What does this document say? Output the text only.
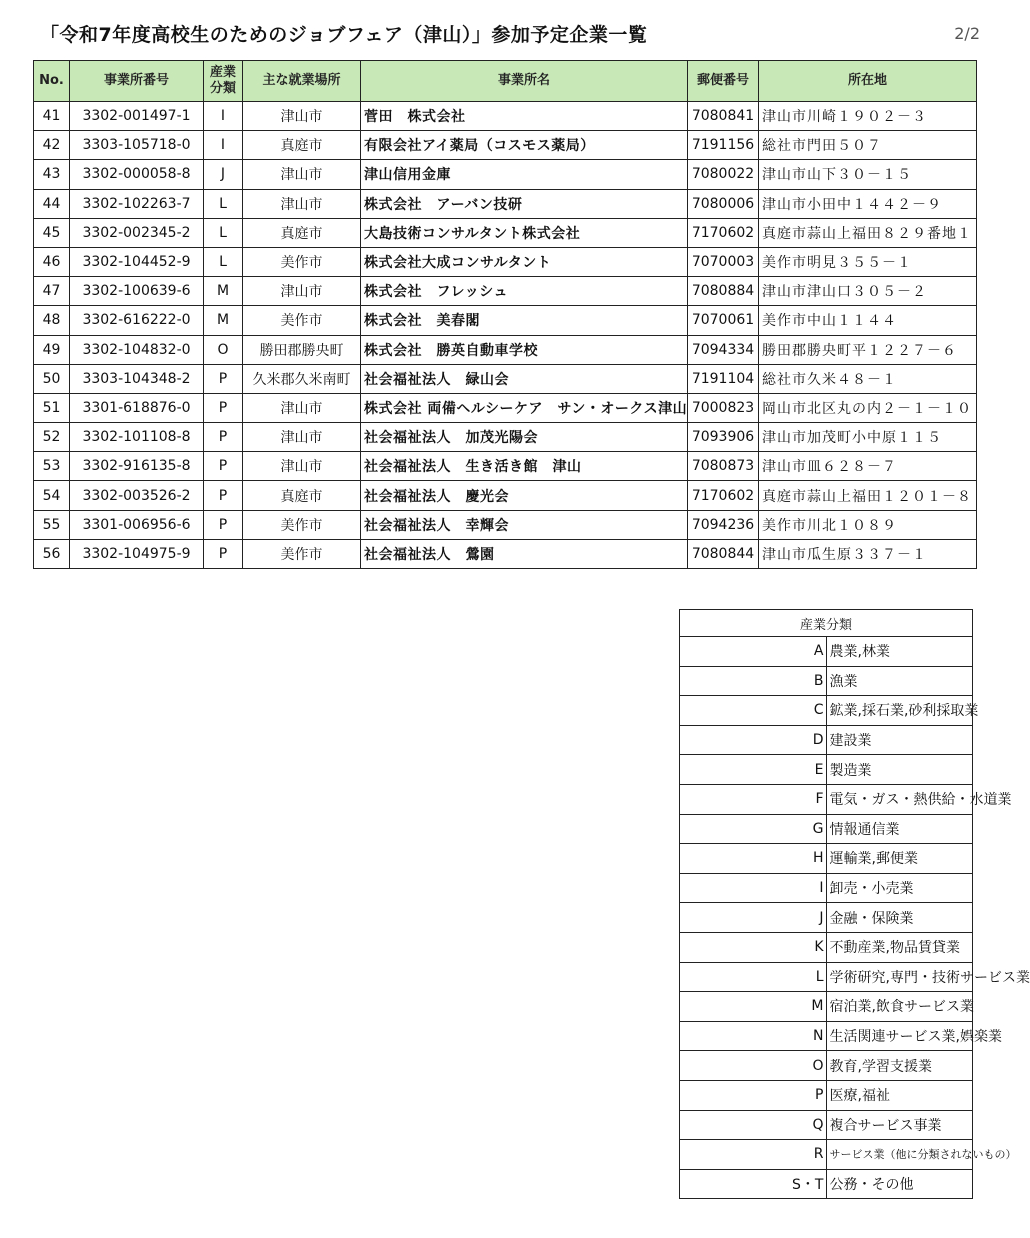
「令和7年度高校生のためのジョブフェア（津山）」参加予定企業一覧	2/2
No.	事業所番号	産業分類	主な就業場所	事業所名	郵便番号	所在地
41	3302-001497-1	I	津山市	菅田　株式会社	7080841	津山市川崎１９０２－３
42	3303-105718-0	I	真庭市	有限会社アイ薬局（コスモス薬局）	7191156	総社市門田５０７
43	3302-000058-8	J	津山市	津山信用金庫	7080022	津山市山下３０－１５
44	3302-102263-7	L	津山市	株式会社　アーバン技研	7080006	津山市小田中１４４２－９
45	3302-002345-2	L	真庭市	大島技術コンサルタント株式会社	7170602	真庭市蒜山上福田８２９番地１
46	3302-104452-9	L	美作市	株式会社大成コンサルタント	7070003	美作市明見３５５－１
47	3302-100639-6	M	津山市	株式会社　フレッシュ	7080884	津山市津山口３０５－２
48	3302-616222-0	M	美作市	株式会社　美春閣	7070061	美作市中山１１４４
49	3302-104832-0	O	勝田郡勝央町	株式会社　勝英自動車学校	7094334	勝田郡勝央町平１２２７－６
50	3303-104348-2	P	久米郡久米南町	社会福祉法人　緑山会	7191104	総社市久米４８－１
51	3301-618876-0	P	津山市	株式会社 両備ヘルシーケア　サン・オークス津山	7000823	岡山市北区丸の内２－１－１０
52	3302-101108-8	P	津山市	社会福祉法人　加茂光陽会	7093906	津山市加茂町小中原１１５
53	3302-916135-8	P	津山市	社会福祉法人　生き活き館　津山	7080873	津山市皿６２８－７
54	3302-003526-2	P	真庭市	社会福祉法人　慶光会	7170602	真庭市蒜山上福田１２０１－８
55	3301-006956-6	P	美作市	社会福祉法人　幸輝会	7094236	美作市川北１０８９
56	3302-104975-9	P	美作市	社会福祉法人　鶯園	7080844	津山市瓜生原３３７－１
産業分類	
A	農業,林業
B	漁業
C	鉱業,採石業,砂利採取業
D	建設業
E	製造業
F	電気・ガス・熱供給・水道業
G	情報通信業
H	運輸業,郵便業
I	卸売・小売業
J	金融・保険業
K	不動産業,物品賃貸業
L	学術研究,専門・技術サービス業
M	宿泊業,飲食サービス業
N	生活関連サービス業,娯楽業
O	教育,学習支援業
P	医療,福祉
Q	複合サービス事業
R	サービス業（他に分類されないもの）
S・T	公務・その他
